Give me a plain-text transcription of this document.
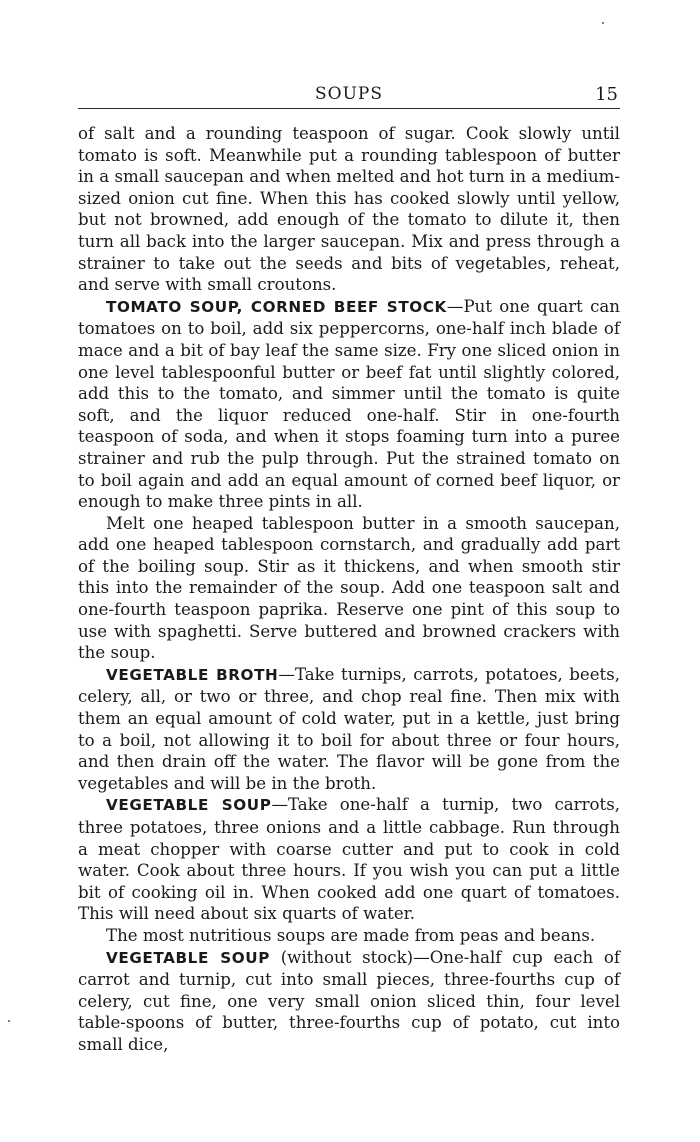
SOUPS	15

of salt and a rounding teaspoon of sugar. Cook slowly until tomato is soft. Meanwhile put a rounding tablespoon of butter in a small saucepan and when melted and hot turn in a medium-sized onion cut fine. When this has cooked slowly until yellow, but not browned, add enough of the tomato to dilute it, then turn all back into the larger saucepan. Mix and press through a strainer to take out the seeds and bits of vegetables, reheat, and serve with small croutons.

TOMATO SOUP, CORNED BEEF STOCK—Put one quart can tomatoes on to boil, add six peppercorns, one-half inch blade of mace and a bit of bay leaf the same size. Fry one sliced onion in one level tablespoonful butter or beef fat until slightly colored, add this to the tomato, and simmer until the tomato is quite soft, and the liquor reduced one-half. Stir in one-fourth teaspoon of soda, and when it stops foaming turn into a puree strainer and rub the pulp through. Put the strained tomato on to boil again and add an equal amount of corned beef liquor, or enough to make three pints in all.

Melt one heaped tablespoon butter in a smooth saucepan, add one heaped tablespoon cornstarch, and gradually add part of the boiling soup. Stir as it thickens, and when smooth stir this into the remainder of the soup. Add one teaspoon salt and one-fourth teaspoon paprika. Reserve one pint of this soup to use with spaghetti. Serve buttered and browned crackers with the soup.

VEGETABLE BROTH—Take turnips, carrots, potatoes, beets, celery, all, or two or three, and chop real fine. Then mix with them an equal amount of cold water, put in a kettle, just bring to a boil, not allowing it to boil for about three or four hours, and then drain off the water. The flavor will be gone from the vegetables and will be in the broth.

VEGETABLE SOUP—Take one-half a turnip, two carrots, three potatoes, three onions and a little cabbage. Run through a meat chopper with coarse cutter and put to cook in cold water. Cook about three hours. If you wish you can put a little bit of cooking oil in. When cooked add one quart of tomatoes. This will need about six quarts of water.

The most nutritious soups are made from peas and beans.

VEGETABLE SOUP (without stock)—One-half cup each of carrot and turnip, cut into small pieces, three-fourths cup of celery, cut fine, one very small onion sliced thin, four level table-spoons of butter, three-fourths cup of potato, cut into small dice,
